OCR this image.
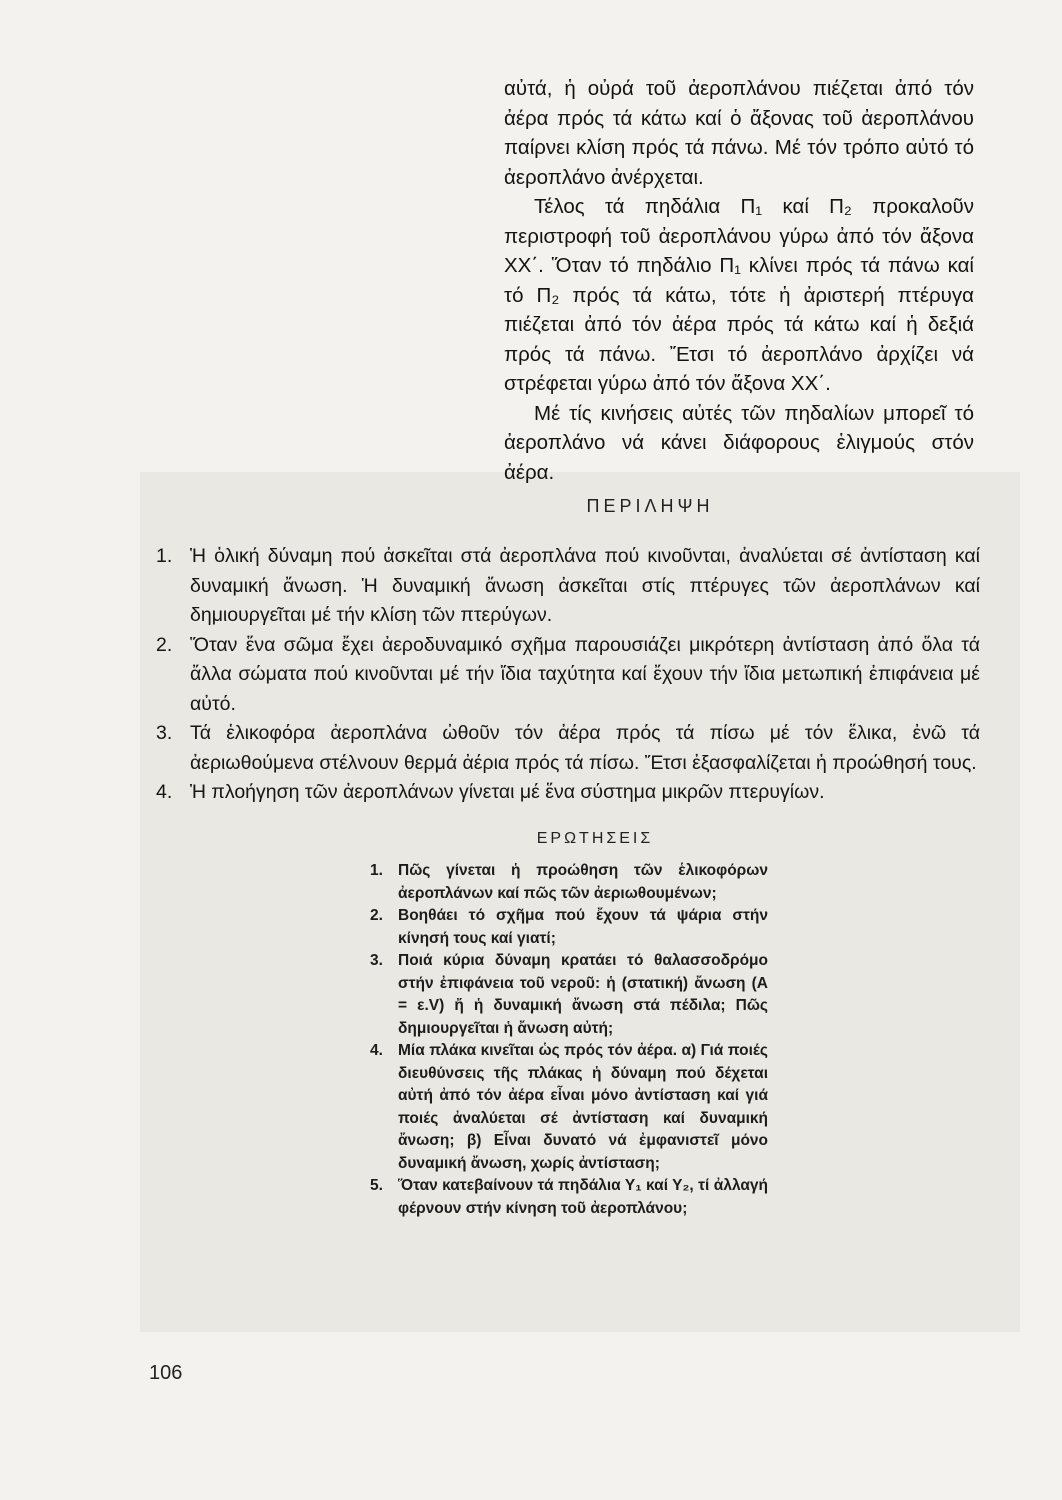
αὐτά, ἡ οὐρά τοῦ ἀεροπλάνου πιέζεται ἀπό τόν ἀέρα πρός τά κάτω καί ὁ ἄξονας τοῦ ἀεροπλάνου παίρνει κλίση πρός τά πάνω. Μέ τόν τρόπο αὐτό τό ἀεροπλάνο ἀνέρχεται.

Τέλος τά πηδάλια Π₁ καί Π₂ προκαλοῦν περιστροφή τοῦ ἀεροπλάνου γύρω ἀπό τόν ἄξονα ΧΧ΄. Ὅταν τό πηδάλιο Π₁ κλίνει πρός τά πάνω καί τό Π₂ πρός τά κάτω, τότε ἡ ἀριστερή πτέρυγα πιέζεται ἀπό τόν ἀέρα πρός τά κάτω καί ἡ δεξιά πρός τά πάνω. Ἔτσι τό ἀεροπλάνο ἀρχίζει νά στρέφεται γύρω ἀπό τόν ἄξονα ΧΧ΄.

Μέ τίς κινήσεις αὐτές τῶν πηδαλίων μπορεῖ τό ἀεροπλάνο νά κάνει διάφορους ἑλιγμούς στόν ἀέρα.

ΠΕΡΙΛΗΨΗ
1. Ἡ ὁλική δύναμη πού ἀσκεῖται στά ἀεροπλάνα πού κινοῦνται, ἀναλύεται σέ ἀντίσταση καί δυναμική ἄνωση. Ἡ δυναμική ἄνωση ἀσκεῖται στίς πτέρυγες τῶν ἀεροπλάνων καί δημιουργεῖται μέ τήν κλίση τῶν πτερύγων.
2. Ὅταν ἕνα σῶμα ἔχει ἀεροδυναμικό σχῆμα παρουσιάζει μικρότερη ἀντίσταση ἀπό ὅλα τά ἄλλα σώματα πού κινοῦνται μέ τήν ἴδια ταχύτητα καί ἔχουν τήν ἴδια μετωπική ἐπιφάνεια μέ αὐτό.
3. Τά ἑλικοφόρα ἀεροπλάνα ὠθοῦν τόν ἀέρα πρός τά πίσω μέ τόν ἕλικα, ἐνῶ τά ἀεριωθούμενα στέλνουν θερμά ἀέρια πρός τά πίσω. Ἔτσι ἐξασφαλίζεται ἡ προώθησή τους.
4. Ἡ πλοήγηση τῶν ἀεροπλάνων γίνεται μέ ἕνα σύστημα μικρῶν πτερυγίων.
ΕΡΩΤΗΣΕΙΣ
1. Πῶς γίνεται ἡ προώθηση τῶν ἑλικοφόρων ἀεροπλάνων καί πῶς τῶν ἀεριωθουμένων;
2. Βοηθάει τό σχῆμα πού ἔχουν τά ψάρια στήν κίνησή τους καί γιατί;
3. Ποιά κύρια δύναμη κρατάει τό θαλασσοδρόμο στήν ἐπιφάνεια τοῦ νεροῦ: ἡ (στατική) ἄνωση (Α = ε.V) ἤ ἡ δυναμική ἄνωση στά πέδιλα; Πῶς δημιουργεῖται ἡ ἄνωση αὐτή;
4. Μία πλάκα κινεῖται ὡς πρός τόν ἀέρα. α) Γιά ποιές διευθύνσεις τῆς πλάκας ἡ δύναμη πού δέχεται αὐτή ἀπό τόν ἀέρα εἶναι μόνο ἀντίσταση καί γιά ποιές ἀναλύεται σέ ἀντίσταση καί δυναμική ἄνωση; β) Εἶναι δυνατό νά ἐμφανιστεῖ μόνο δυναμική ἄνωση, χωρίς ἀντίσταση;
5. Ὅταν κατεβαίνουν τά πηδάλια Υ₁ καί Υ₂, τί ἀλλαγή φέρνουν στήν κίνηση τοῦ ἀεροπλάνου;
106
